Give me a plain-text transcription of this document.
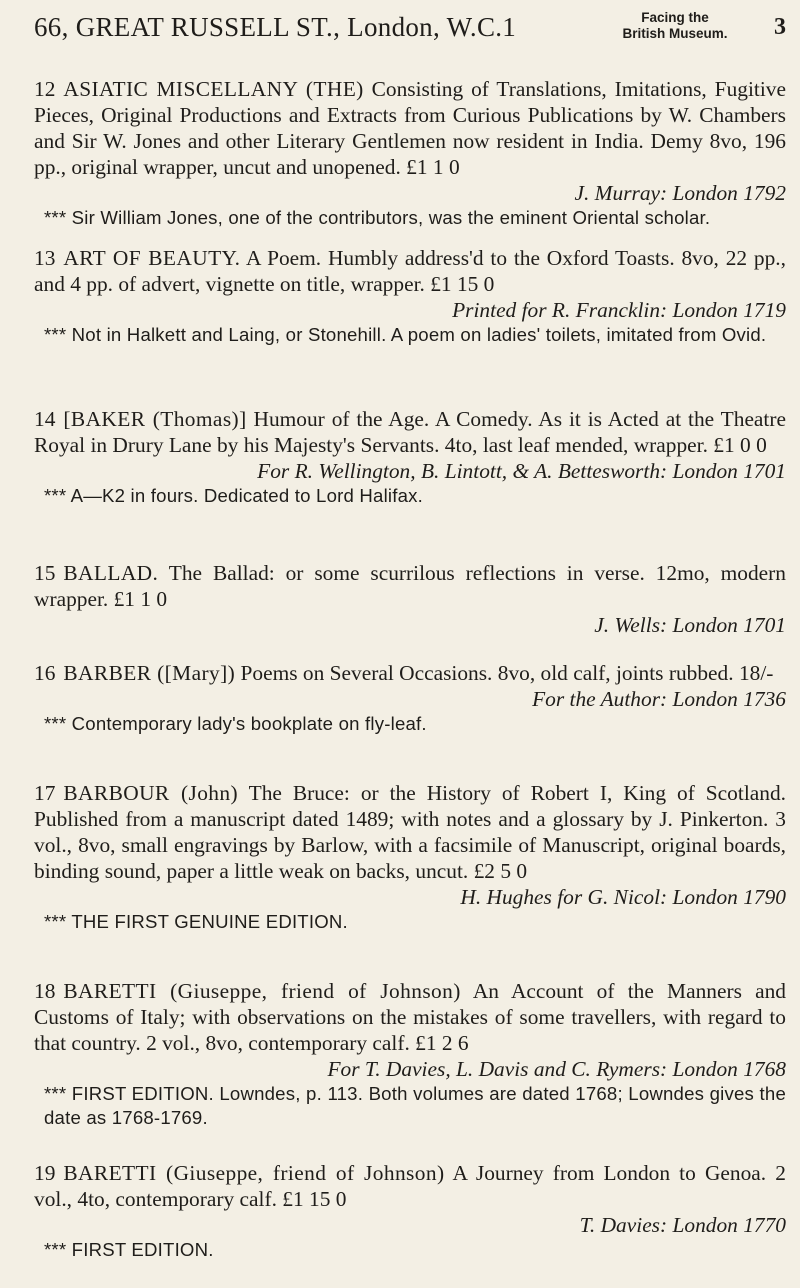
66, GREAT RUSSELL ST., London, W.C.1	Facing the
British Museum.	3

12 ASIATIC MISCELLANY (THE) Consisting of Translations, Imitations, Fugitive Pieces, Original Productions and Extracts from Curious Publications by W. Chambers and Sir W. Jones and other Literary Gentlemen now resident in India. Demy 8vo, 196 pp., original wrapper, uncut and unopened. £1 1 0

J. Murray: London 1792

*** Sir William Jones, one of the contributors, was the eminent Oriental scholar.

13 ART OF BEAUTY. A Poem. Humbly address'd to the Oxford Toasts. 8vo, 22 pp., and 4 pp. of advert, vignette on title, wrapper. £1 15 0

Printed for R. Francklin: London 1719

*** Not in Halkett and Laing, or Stonehill. A poem on ladies' toilets, imitated from Ovid.

14 [BAKER (Thomas)] Humour of the Age. A Comedy. As it is Acted at the Theatre Royal in Drury Lane by his Majesty's Servants. 4to, last leaf mended, wrapper. £1 0 0

For R. Wellington, B. Lintott, & A. Bettesworth: London 1701

*** A—K2 in fours. Dedicated to Lord Halifax.

15 BALLAD. The Ballad: or some scurrilous reflections in verse. 12mo, modern wrapper. £1 1 0

J. Wells: London 1701

16 BARBER ([Mary]) Poems on Several Occasions. 8vo, old calf, joints rubbed. 18/-

For the Author: London 1736

*** Contemporary lady's bookplate on fly-leaf.

17 BARBOUR (John) The Bruce: or the History of Robert I, King of Scotland. Published from a manuscript dated 1489; with notes and a glossary by J. Pinkerton. 3 vol., 8vo, small engravings by Barlow, with a facsimile of Manuscript, original boards, binding sound, paper a little weak on backs, uncut. £2 5 0

H. Hughes for G. Nicol: London 1790

*** THE FIRST GENUINE EDITION.

18 BARETTI (Giuseppe, friend of Johnson) An Account of the Manners and Customs of Italy; with observations on the mistakes of some travellers, with regard to that country. 2 vol., 8vo, contemporary calf. £1 2 6

For T. Davies, L. Davis and C. Rymers: London 1768

*** FIRST EDITION. Lowndes, p. 113. Both volumes are dated 1768; Lowndes gives the date as 1768-1769.

19 BARETTI (Giuseppe, friend of Johnson) A Journey from London to Genoa. 2 vol., 4to, contemporary calf. £1 15 0

T. Davies: London 1770

*** FIRST EDITION.
